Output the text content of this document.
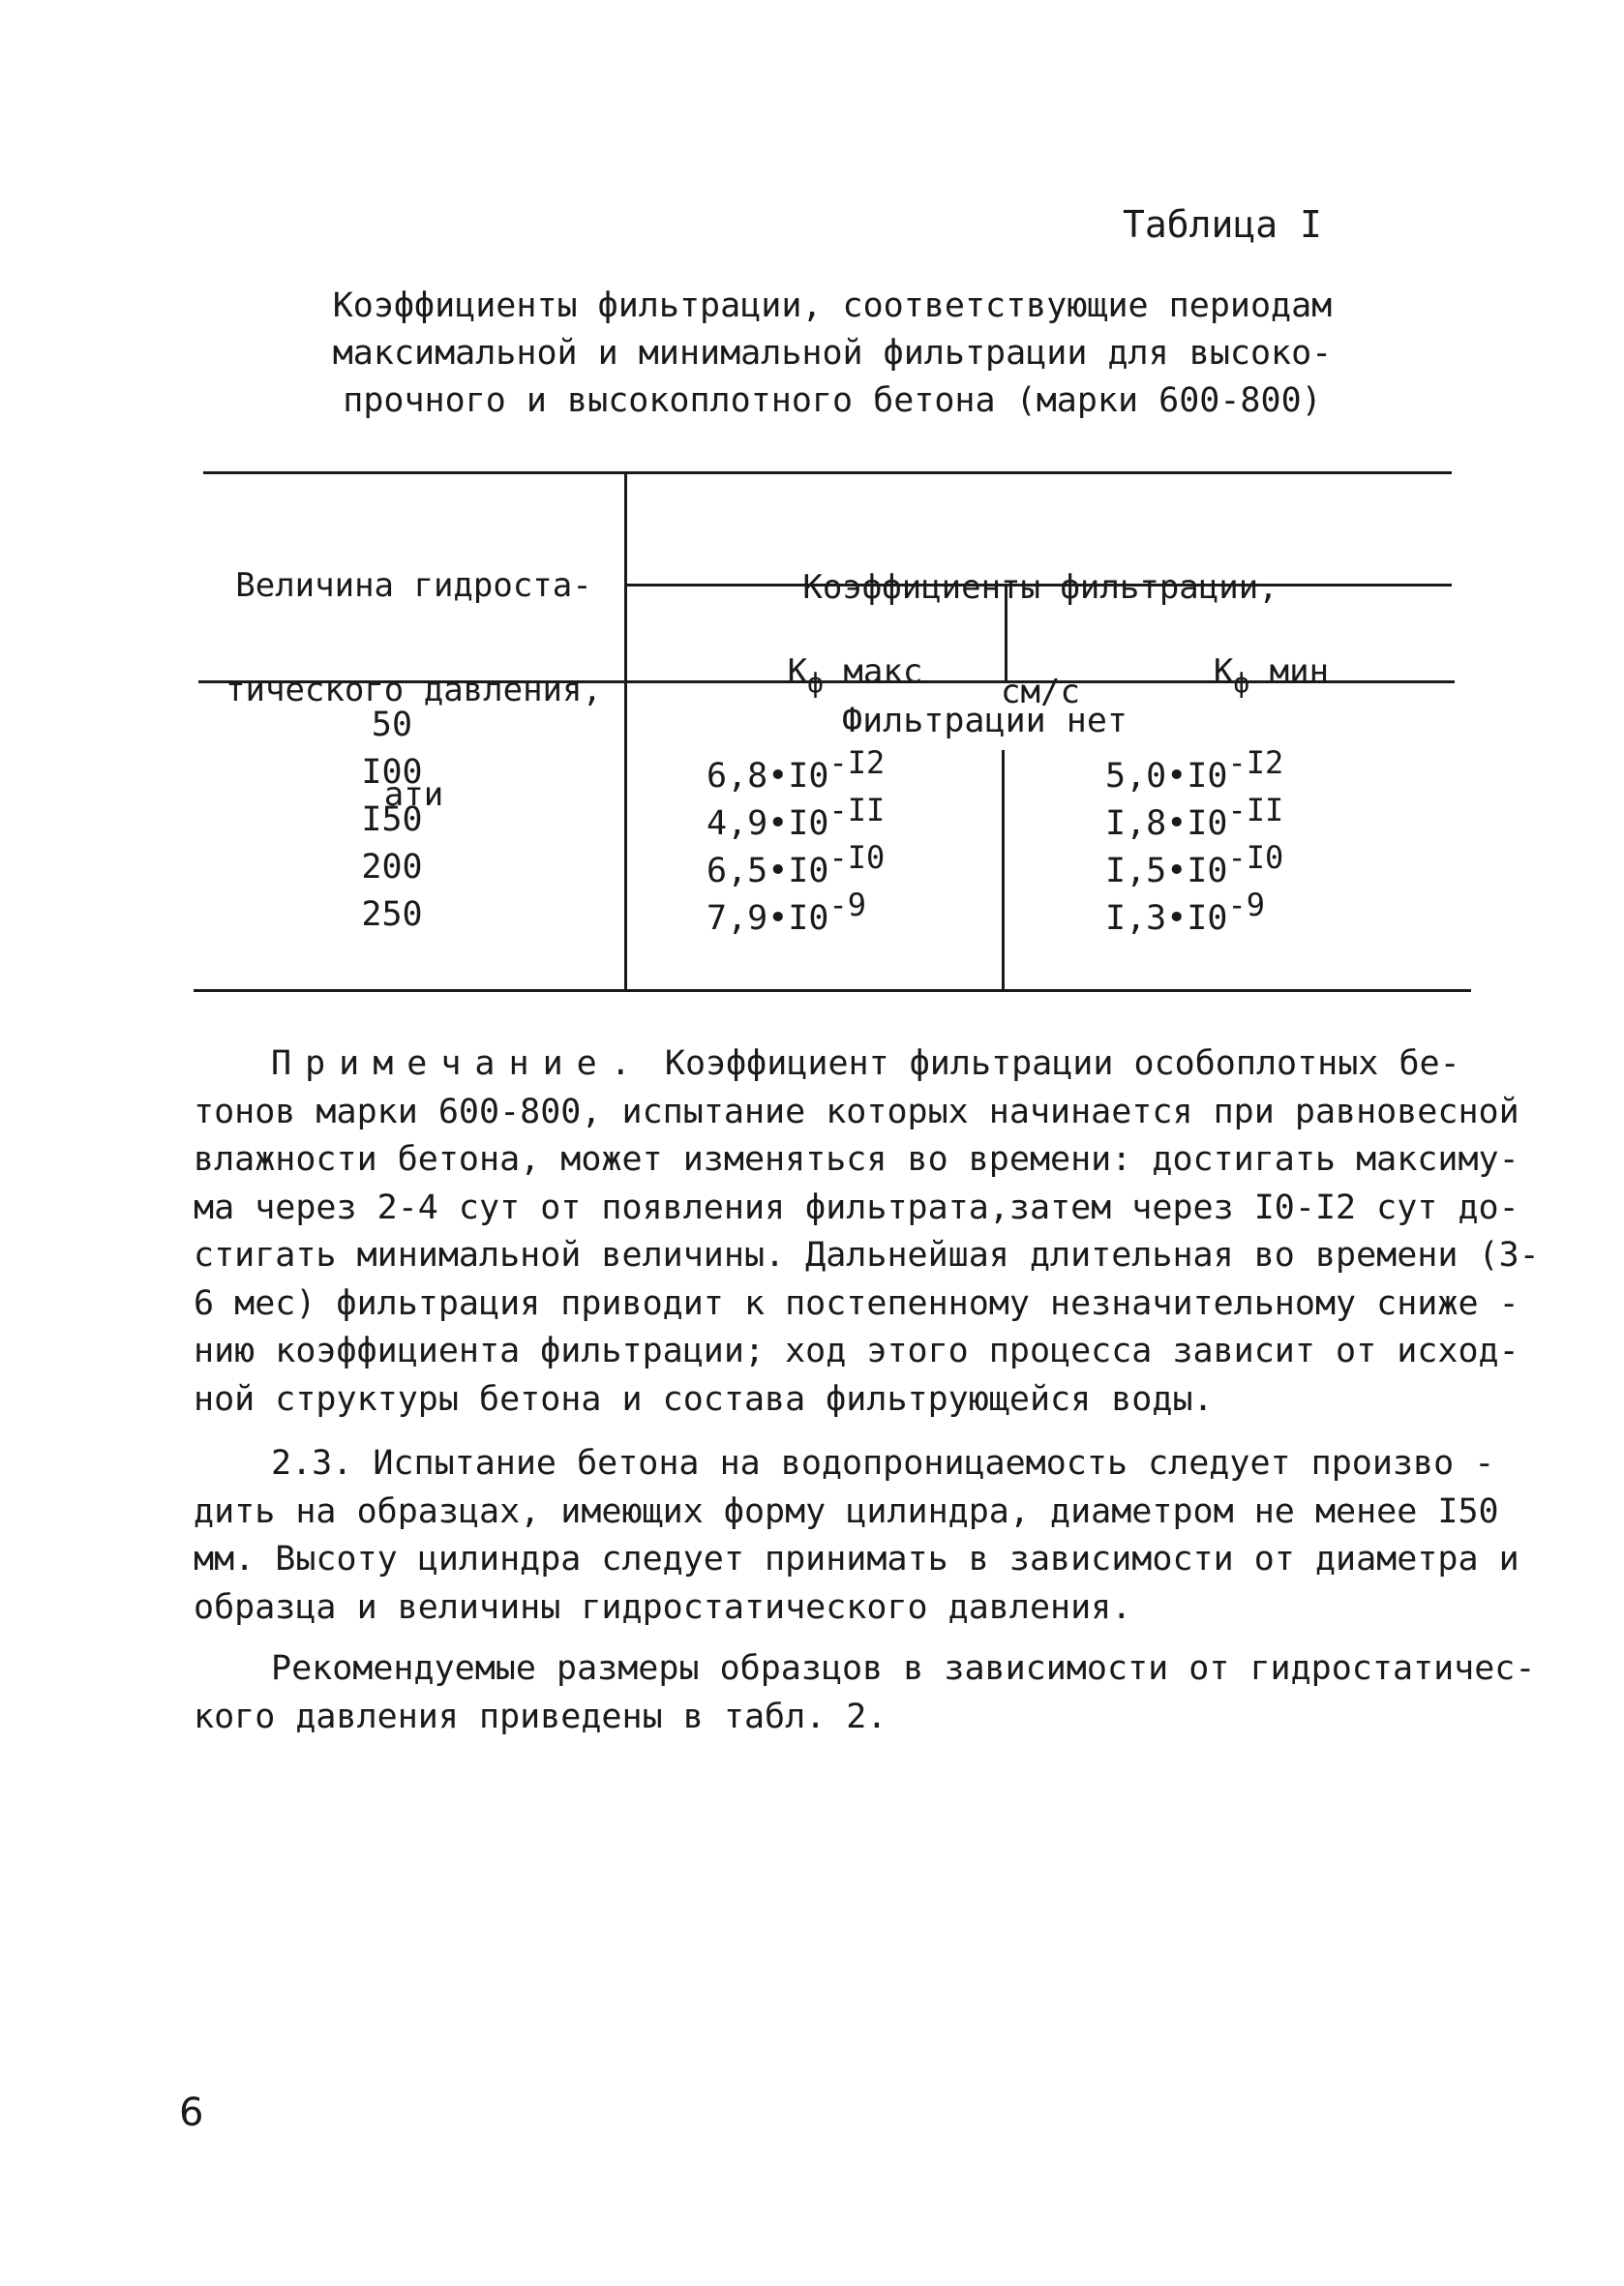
Таблица I
Коэффициенты фильтрации, соответствующие периодам
максимальной и минимальной фильтрации для высоко-
прочного и высокоплотного бетона (марки 600-800)

Величина гидроста-

тического давления,

ати

Коэффициенты фильтрации,

см/с

$К_ф$ макс
	$К_ф$ мин

50
I00
I50
200
250
Фильтрации нет
$6,8•I0^{-I2}$
$4,9•I0^{-II}$
$6,5•I0^{-I0}$
$7,9•I0^{-9}$
$5,0•I0^{-I2}$
$I,8•I0^{-II}$
$I,5•I0^{-I0}$
$I,3•I0^{-9}$
Примечание. Коэффициент фильтрации особоплотных бе-
тонов марки 600-800, испытание которых начинается при равновесной
влажности бетона, может изменяться во времени: достигать максиму-
ма через 2-4 сут от появления фильтрата,затем через I0-I2 сут до-
стигать минимальной величины. Дальнейшая длительная во времени (3-
6 мес) фильтрация приводит к постепенному незначительному сниже -
нию коэффициента фильтрации; ход этого процесса зависит от исход-
ной структуры бетона и состава фильтрующейся воды.
2.3. Испытание бетона на водопроницаемость следует произво -
дить на образцах, имеющих форму цилиндра, диаметром не менее I50
мм. Высоту цилиндра следует принимать в зависимости от диаметра и
образца и величины гидростатического давления.
Рекомендуемые размеры образцов в зависимости от гидростатичес-
кого давления приведены в табл. 2.
6
